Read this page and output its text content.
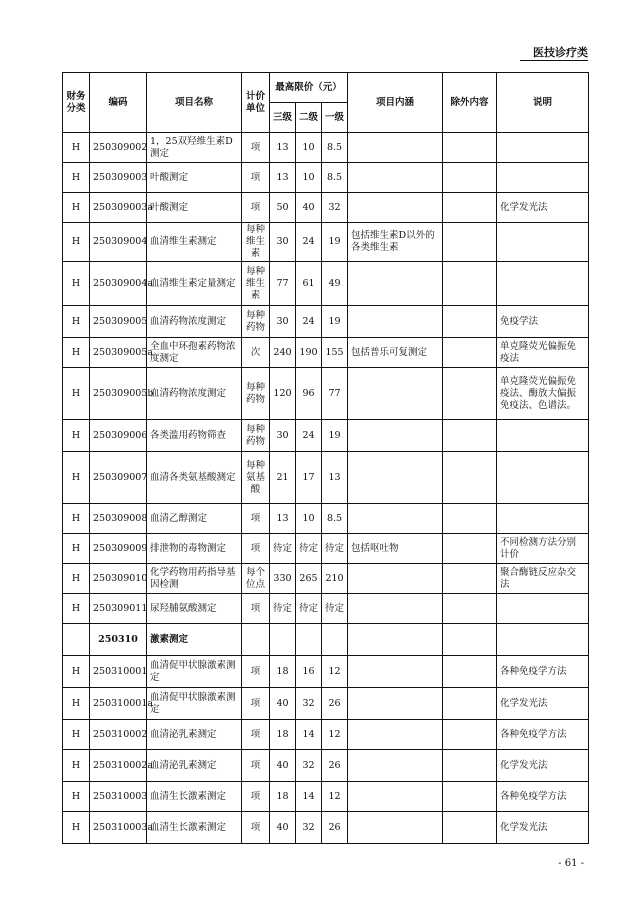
医技诊疗类
财务分类	编码	项目名称	计价单位	最高限价（元）			项目内涵	除外内容	说明
				三级	二级	一级			
H	250309002	1，25双羟维生素D测定	项	13	10	8.5			
H	250309003	叶酸测定	项	13	10	8.5			
H	250309003a	叶酸测定	项	50	40	32			化学发光法
H	250309004	血清维生素测定	每种维生素	30	24	19	包括维生素D以外的各类维生素		
H	250309004a	血清维生素定量测定	每种维生素	77	61	49			
H	250309005	血清药物浓度测定	每种药物	30	24	19			免疫学法
H	250309005a	全血中环孢素药物浓度测定	次	240	190	155	包括普乐可复测定		单克隆荧光偏振免疫法
H	250309005b	血清药物浓度测定	每种药物	120	96	77			单克隆荧光偏振免疫法、酶放大偏振免疫法、色谱法。
H	250309006	各类滥用药物筛查	每种药物	30	24	19			
H	250309007	血清各类氨基酸测定	每种氨基酸	21	17	13			
H	250309008	血清乙醇测定	项	13	10	8.5			
H	250309009	排泄物的毒物测定	项	待定	待定	待定	包括呕吐物		不同检测方法分别计价
H	250309010	化学药物用药指导基因检测	每个位点	330	265	210			聚合酶链反应杂交法
H	250309011	尿羟脯氨酸测定	项	待定	待定	待定			
	250310	激素测定							
H	250310001	血清促甲状腺激素测定	项	18	16	12			各种免疫学方法
H	250310001a	血清促甲状腺激素测定	项	40	32	26			化学发光法
H	250310002	血清泌乳素测定	项	18	14	12			各种免疫学方法
H	250310002a	血清泌乳素测定	项	40	32	26			化学发光法
H	250310003	血清生长激素测定	项	18	14	12			各种免疫学方法
H	250310003a	血清生长激素测定	项	40	32	26			化学发光法
- 61 -
